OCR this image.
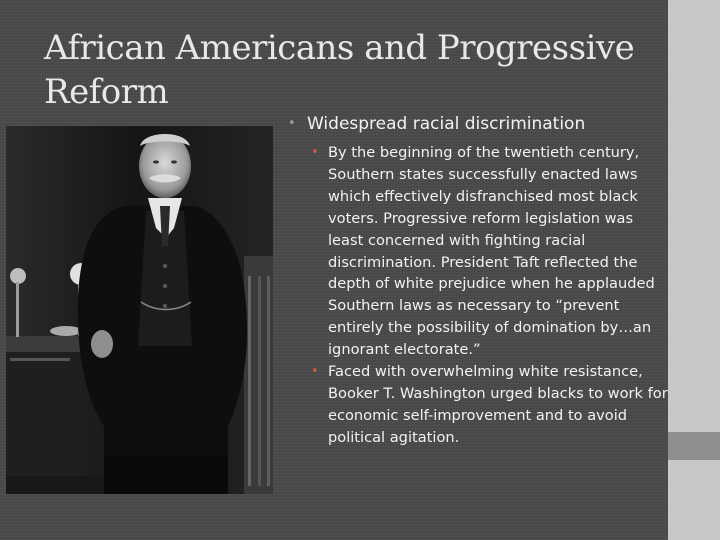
African Americans and Progressive Reform
• Widespread racial discrimination
• By the beginning of the twentieth century, Southern states successfully enacted laws which effectively disfranchised most black voters. Progressive reform legislation was least concerned with fighting racial discrimination. President Taft reflected the depth of white prejudice when he applauded Southern laws as necessary to “prevent entirely the possibility of domination by…an ignorant electorate.”
• Faced with overwhelming white resistance, Booker T. Washington urged blacks to work for economic self-improvement and to avoid political agitation.
